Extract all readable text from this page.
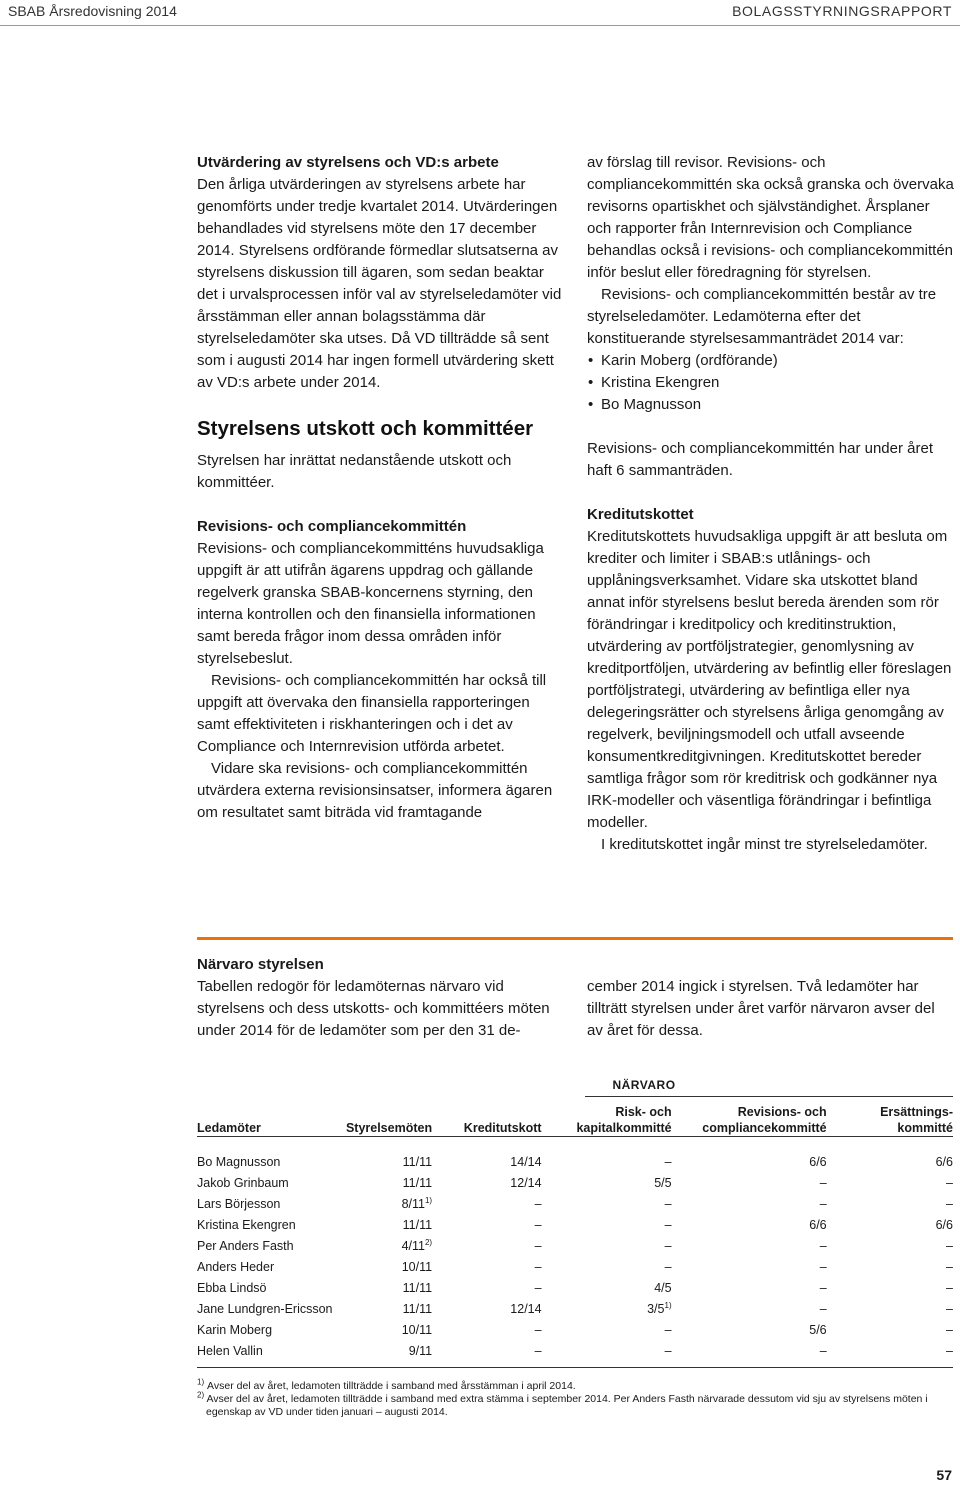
SBAB Årsredovisning 2014	BOLAGSSTYRNINGSRAPPORT

Utvärdering av styrelsens och VD:s arbete

Den årliga utvärderingen av styrelsens arbete har genomförts under tredje kvartalet 2014. Utvärderingen behandlades vid styrelsens möte den 17 december 2014. Styrelsens ordförande förmedlar slutsatserna av styrelsens diskussion till ägaren, som sedan beaktar det i urvalsprocessen inför val av styrelseledamöter vid årsstämman eller annan bolagsstämma där styrelseledamöter ska utses. Då VD tillträdde så sent som i augusti 2014 har ingen formell utvärdering skett av VD:s arbete under 2014.

Styrelsens utskott och kommittéer

Styrelsen har inrättat nedanstående utskott och kommittéer.

Revisions- och compliancekommittén

Revisions- och compliancekommitténs huvudsakliga uppgift är att utifrån ägarens uppdrag och gällande regelverk granska SBAB-koncernens styrning, den interna kontrollen och den finansiella informationen samt bereda frågor inom dessa områden inför styrelsebeslut.

Revisions- och compliancekommittén har också till uppgift att övervaka den finansiella rapporteringen samt effektiviteten i riskhanteringen och i det av Compliance och Internrevision utförda arbetet.

Vidare ska revisions- och compliancekommittén utvärdera externa revisionsinsatser, informera ägaren om resultatet samt biträda vid framtagande

av förslag till revisor. Revisions- och compliancekommittén ska också granska och övervaka revisorns opartiskhet och självständighet. Årsplaner och rapporter från Internrevision och Compliance behandlas också i revisions- och compliancekommittén inför beslut eller föredragning för styrelsen.

Revisions- och compliancekommittén består av tre styrelseledamöter. Ledamöterna efter det konstituerande styrelsesammanträdet 2014 var:

• Karin Moberg (ordförande)
• Kristina Ekengren
• Bo Magnusson

Revisions- och compliancekommittén har under året haft 6 sammanträden.

Kreditutskottet

Kreditutskottets huvudsakliga uppgift är att besluta om krediter och limiter i SBAB:s utlånings- och upplåningsverksamhet. Vidare ska utskottet bland annat inför styrelsens beslut bereda ärenden som rör förändringar i kreditpolicy och kreditinstruktion, utvärdering av portföljstrategier, genomlysning av kreditportföljen, utvärdering av befintlig eller föreslagen portföljstrategi, utvärdering av befintliga eller nya delegeringsrätter och styrelsens årliga genomgång av regelverk, beviljningsmodell och utfall avseende konsumentkreditgivningen. Kreditutskottet bereder samtliga frågor som rör kreditrisk och godkänner nya IRK-modeller och väsentliga förändringar i befintliga modeller.

I kreditutskottet ingår minst tre styrelseledamöter.

Närvaro styrelsen

Tabellen redogör för ledamöternas närvaro vid styrelsens och dess utskotts- och kommittéers möten under 2014 för de ledamöter som per den 31 de-

cember 2014 ingick i styrelsen. Två ledamöter har tillträtt styrelsen under året varför närvaron avser del av året för dessa.

NÄRVARO
Ledamöter	Styrelsemöten	Kreditutskott	Risk- och kapitalkommitté	Revisions- och compliancekommitté	Ersättnings-kommitté
Bo Magnusson	11/11	14/14	–	6/6	6/6
Jakob Grinbaum	11/11	12/14	5/5	–	–
Lars Börjesson	8/11$^{1)}$	–	–	–	–
Kristina Ekengren	11/11	–	–	6/6	6/6
Per Anders Fasth	4/11$^{2)}$	–	–	–	–
Anders Heder	10/11	–	–	–	–
Ebba Lindsö	11/11	–	4/5	–	–
Jane Lundgren-Ericsson	11/11	12/14	3/5$^{1)}$	–	–
Karin Moberg	10/11	–	–	5/6	–
Helen Vallin	9/11	–	–	–	–
$^{1)}$ Avser del av året, ledamoten tillträdde i samband med årsstämman i april 2014.
$^{2)}$ Avser del av året, ledamoten tillträdde i samband med extra stämma i september 2014. Per Anders Fasth närvarade dessutom vid sju av styrelsens möten i egenskap av VD under tiden januari – augusti 2014.
57
